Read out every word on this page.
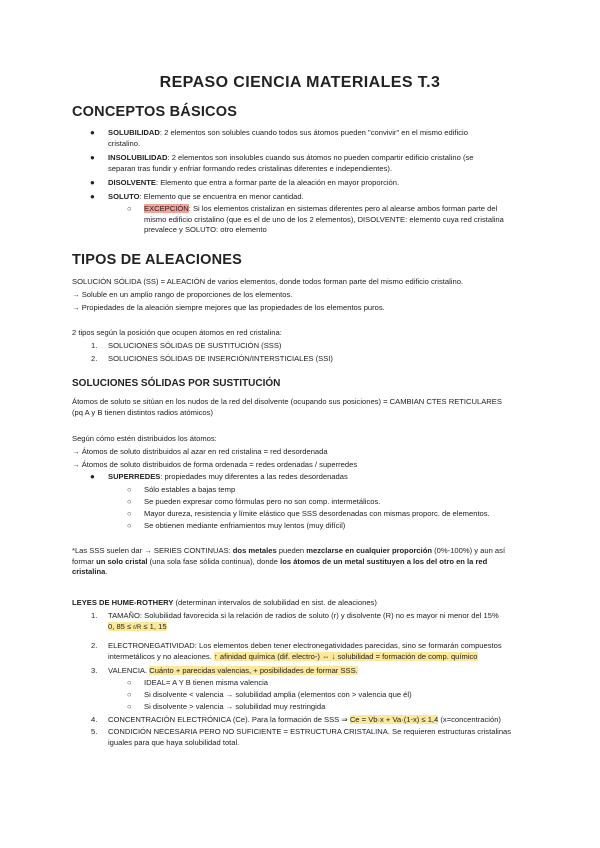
REPASO CIENCIA MATERIALES T.3
CONCEPTOS BÁSICOS
● SOLUBILIDAD: 2 elementos son solubles cuando todos sus átomos pueden "convivir" en el mismo edificio
cristalino.
● INSOLUBILIDAD: 2 elementos son insolubles cuando sus átomos no pueden compartir edificio cristalino (se
separan tras fundir y enfriar formando redes cristalinas diferentes e independientes).
● DISOLVENTE: Elemento que entra a formar parte de la aleación en mayor proporción.
● SOLUTO: Elemento que se encuentra en menor cantidad.
○ EXCEPCIÓN: Si los elementos cristalizan en sistemas diferentes pero al alearse ambos forman parte del
mismo edificio cristalino (que es el de uno de los 2 elementos), DISOLVENTE: elemento cuya red cristalina
prevalece y SOLUTO: otro elemento
TIPOS DE ALEACIONES
SOLUCIÓN SÓLIDA (SS) = ALEACIÓN de varios elementos, donde todos forman parte del mismo edificio cristalino.
→ Soluble en un amplio rango de proporciones de los elementos.
→ Propiedades de la aleación siempre mejores que las propiedades de los elementos puros.
2 tipos según la posición que ocupen átomos en red cristalina:
1. SOLUCIONES SÓLIDAS DE SUSTITUCIÓN (SSS)
2. SOLUCIONES SÓLIDAS DE INSERCIÓN/INTERSTICIALES (SSI)
SOLUCIONES SÓLIDAS POR SUSTITUCIÓN
Átomos de soluto se sitúan en los nudos de la red del disolvente (ocupando sus posiciones) = CAMBIAN CTES RETICULARES
(pq A y B tienen distintos radios atómicos)
Según cómo estén distribuidos los átomos:
→ Átomos de soluto distribuidos al azar en red cristalina = red desordenada
→ Átomos de soluto distribuidos de forma ordenada = redes ordenadas / superredes
● SUPERREDES: propiedades muy diferentes a las redes desordenadas
○ Sólo estables a bajas temp
○ Se pueden expresar como fórmulas pero no son comp. intermetálicos.
○ Mayor dureza, resistencia y límite elástico que SSS desordenadas con mismas proporc. de elementos.
○ Se obtienen mediante enfriamientos muy lentos (muy difícil)
*Las SSS suelen dar → SERIES CONTINUAS: dos metales pueden mezclarse en cualquier proporción (0%-100%) y aun así
formar un solo cristal (una sola fase sólida continua), donde los átomos de un metal sustituyen a los del otro en la red
cristalina.
LEYES DE HUME-ROTHERY (determinan intervalos de solubilidad en sist. de aleaciones)
1. TAMAÑO: Solubilidad favorecida si la relación de radios de soluto (r) y disolvente (R) no es mayor ni menor del 15%
0, 85 ≤ r/R ≤ 1, 15
2. ELECTRONEGATIVIDAD: Los elementos deben tener electronegatividades parecidas, sino se formarán compuestos
intermetálicos y no aleaciones. ↑ afinidad química (dif. electro-) ⇔ ↓ solubilidad = formación de comp. químico
3. VALENCIA. Cuánto + parecidas valencias, + posibilidades de formar SSS.
○ IDEAL= A Y B tienen misma valencia
○ Si disolvente < valencia → solubilidad amplia (elementos con > valencia que él)
○ Si disolvente > valencia → solubilidad muy restringida
4. CONCENTRACIÓN ELECTRÓNICA (Ce). Para la formación de SSS ⇒ Ce = Vb·x + Va·(1-x) ≤ 1,4 (x=concentración)
5. CONDICIÓN NECESARIA PERO NO SUFICIENTE = ESTRUCTURA CRISTALINA. Se requieren estructuras cristalinas
iguales para que haya solubilidad total.
